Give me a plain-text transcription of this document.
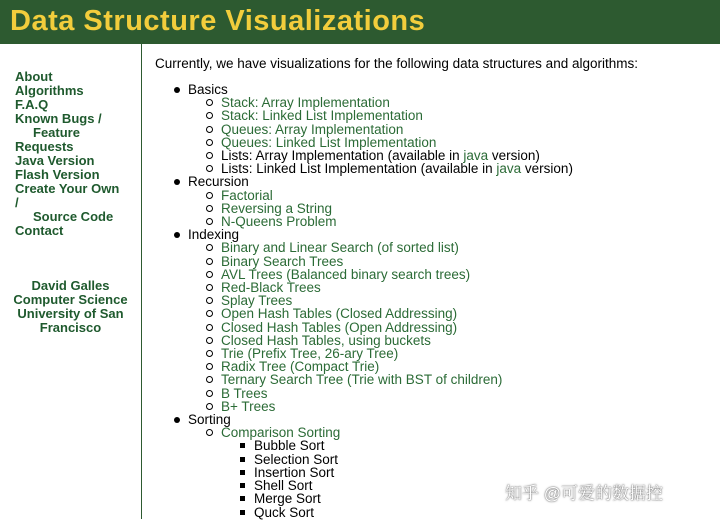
Data Structure Visualizations
About
Algorithms
F.A.Q
Known Bugs /
Feature
Requests
Java Version
Flash Version
Create Your Own
/
Source Code
Contact
David Galles
Computer Science
University of San
Francisco

Currently, we have visualizations for the following data structures and algorithms:

Basics
Stack: Array Implementation
Stack: Linked List Implementation
Queues: Array Implementation
Queues: Linked List Implementation
Lists: Array Implementation (available in java version)
Lists: Linked List Implementation (available in java version)
Recursion
Factorial
Reversing a String
N-Queens Problem
Indexing
Binary and Linear Search (of sorted list)
Binary Search Trees
AVL Trees (Balanced binary search trees)
Red-Black Trees
Splay Trees
Open Hash Tables (Closed Addressing)
Closed Hash Tables (Open Addressing)
Closed Hash Tables, using buckets
Trie (Prefix Tree, 26-ary Tree)
Radix Tree (Compact Trie)
Ternary Search Tree (Trie with BST of children)
B Trees
B+ Trees
Sorting
Comparison Sorting
Bubble Sort
Selection Sort
Insertion Sort
Shell Sort
Merge Sort
Quck Sort
知乎 @可爱的数据控
